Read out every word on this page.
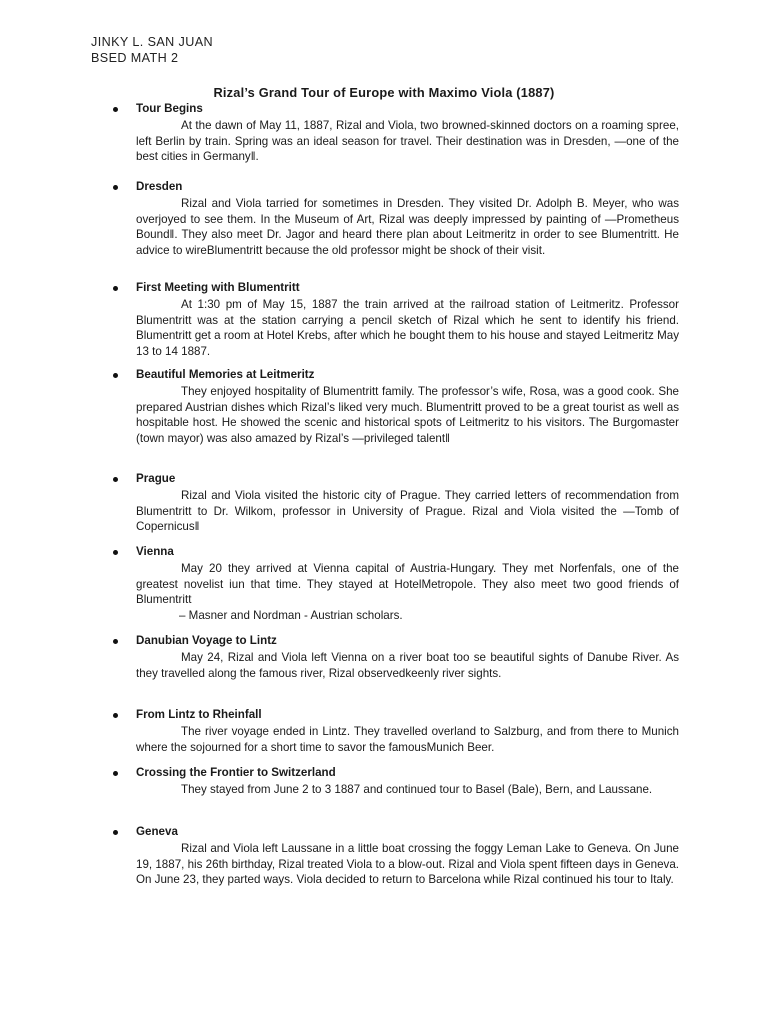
JINKY L. SAN JUAN
BSED MATH 2
Rizal’s Grand Tour of Europe with Maximo Viola (1887)
Tour Begins

At the dawn of May 11, 1887, Rizal and Viola, two browned-skinned doctors on a roaming spree, left Berlin by train. Spring was an ideal season for travel. Their destination was in Dresden, ―one of the best cities in Germany‖.

Dresden

Rizal and Viola tarried for sometimes in Dresden. They visited Dr. Adolph B. Meyer, who was overjoyed to see them. In the Museum of Art, Rizal was deeply impressed by painting of ―Prometheus Bound‖. They also meet Dr. Jagor and heard there plan about Leitmeritz in order to see Blumentritt. He advice to wireBlumentritt because the old professor might be shock of their visit.

First Meeting with Blumentritt

At 1:30 pm of May 15, 1887 the train arrived at the railroad station of Leitmeritz. Professor Blumentritt was at the station carrying a pencil sketch of Rizal which he sent to identify his friend. Blumentritt get a room at Hotel Krebs, after which he bought them to his house and stayed Leitmeritz May 13 to 14 1887.

Beautiful Memories at Leitmeritz

They enjoyed hospitality of Blumentritt family. The professor’s wife, Rosa, was a good cook. She prepared Austrian dishes which Rizal’s liked very much. Blumentritt proved to be a great tourist as well as hospitable host. He showed the scenic and historical spots of Leitmeritz to his visitors. The Burgomaster (town mayor) was also amazed by Rizal’s ―privileged talent‖

Prague

Rizal and Viola visited the historic city of Prague. They carried letters of recommendation from Blumentritt to Dr. Wilkom, professor in University of Prague. Rizal and Viola visited the ―Tomb of Copernicus‖

Vienna

May 20 they arrived at Vienna capital of Austria-Hungary. They met Norfenfals, one of the greatest novelist iun that time. They stayed at HotelMetropole. They also meet two good friends of Blumentritt
– Masner and Nordman - Austrian scholars.

Danubian Voyage to Lintz

May 24, Rizal and Viola left Vienna on a river boat too se beautiful sights of Danube River. As they travelled along the famous river, Rizal observedkeenly river sights.

From Lintz to Rheinfall

The river voyage ended in Lintz. They travelled overland to Salzburg, and from there to Munich where the sojourned for a short time to savor the famousMunich Beer.

Crossing the Frontier to Switzerland

They stayed from June 2 to 3 1887 and continued tour to Basel (Bale), Bern, and Laussane.

Geneva

Rizal and Viola left Laussane in a little boat crossing the foggy Leman Lake to Geneva. On June 19, 1887, his 26th birthday, Rizal treated Viola to a blow-out. Rizal and Viola spent fifteen days in Geneva. On June 23, they parted ways. Viola decided to return to Barcelona while Rizal continued his tour to Italy.
